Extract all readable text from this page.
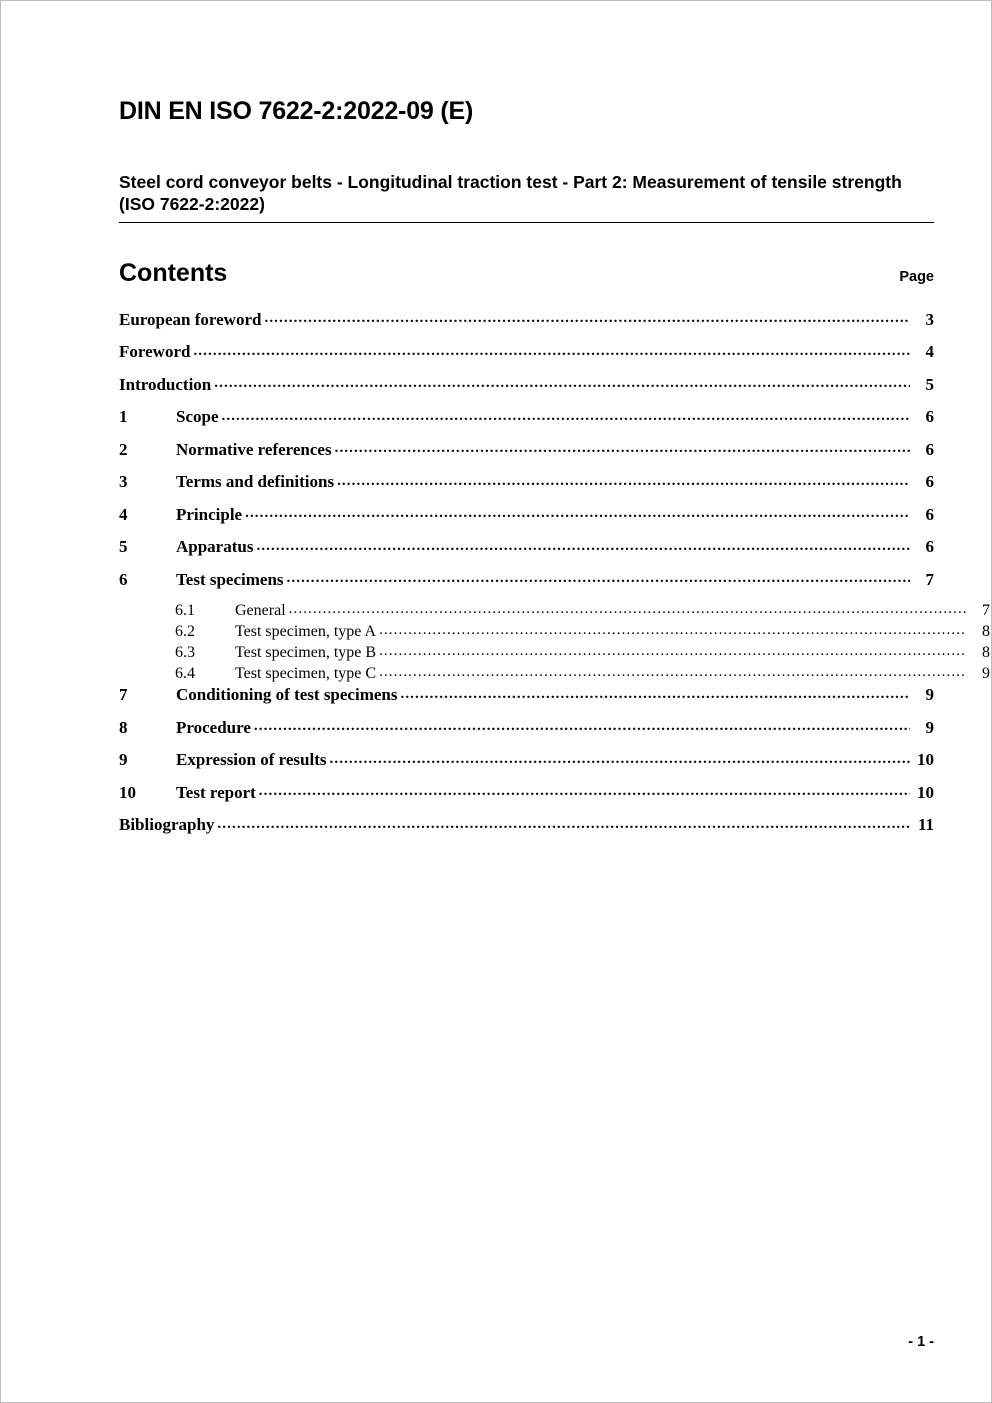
DIN EN ISO 7622-2:2022-09 (E)
Steel cord conveyor belts - Longitudinal traction test - Part 2: Measurement of tensile strength (ISO 7622-2:2022)
Contents	Page
European foreword .....	3
Foreword .....	4
Introduction .....	5
1	Scope .....	6
2	Normative references .....	6
3	Terms and definitions .....	6
4	Principle .....	6
5	Apparatus .....	6
6	Test specimens .....	7
6.1	General .....	7
6.2	Test specimen, type A .....	8
6.3	Test specimen, type B .....	8
6.4	Test specimen, type C .....	9
7	Conditioning of test specimens .....	9
8	Procedure .....	9
9	Expression of results .....	10
10	Test report .....	10
Bibliography .....	11
- 1 -
